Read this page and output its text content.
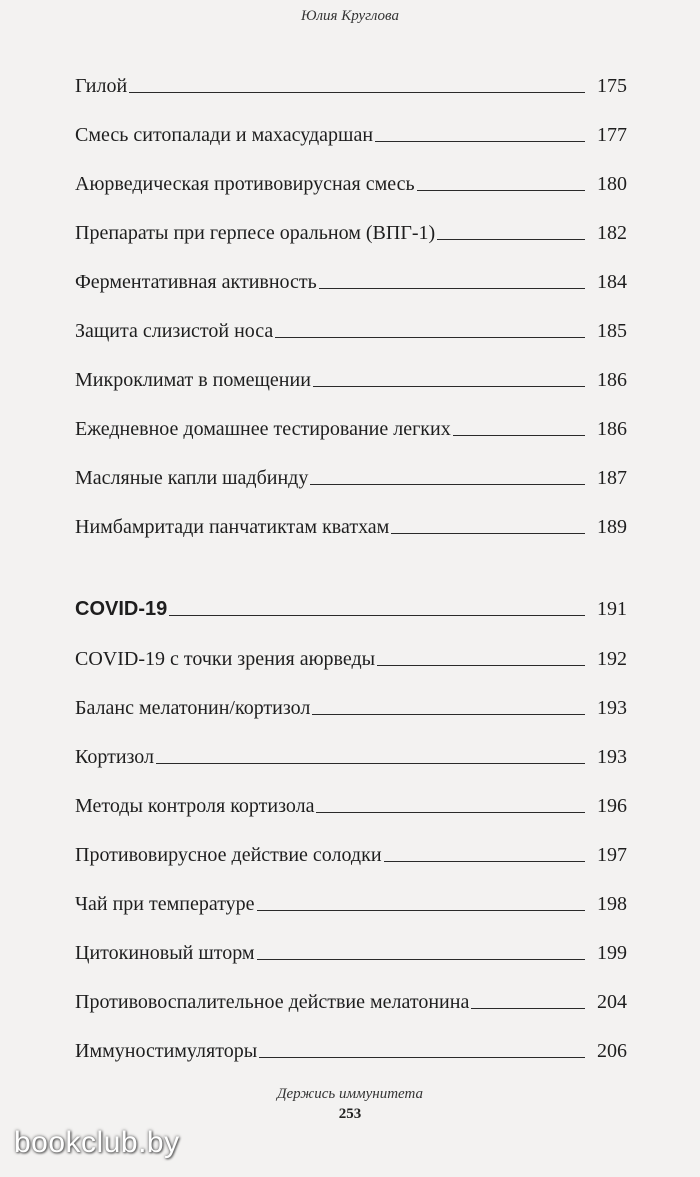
Юлия Круглова
Гилой	175
Смесь ситопалади и махасударшан	177
Аюрведическая противовирусная смесь	180
Препараты при герпесе оральном (ВПГ-1)	182
Ферментативная активность	184
Защита слизистой носа	185
Микроклимат в помещении	186
Ежедневное домашнее тестирование легких	186
Масляные капли шадбинду	187
Нимбамритади панчатиктам кватхам	189
COVID-19	191
COVID-19 с точки зрения аюрведы	192
Баланс мелатонин/кортизол	193
Кортизол	193
Методы контроля кортизола	196
Противовирусное действие солодки	197
Чай при температуре	198
Цитокиновый шторм	199
Противовоспалительное действие мелатонина	204
Иммуностимуляторы	206
Держись иммунитета
253
bookclub.by
